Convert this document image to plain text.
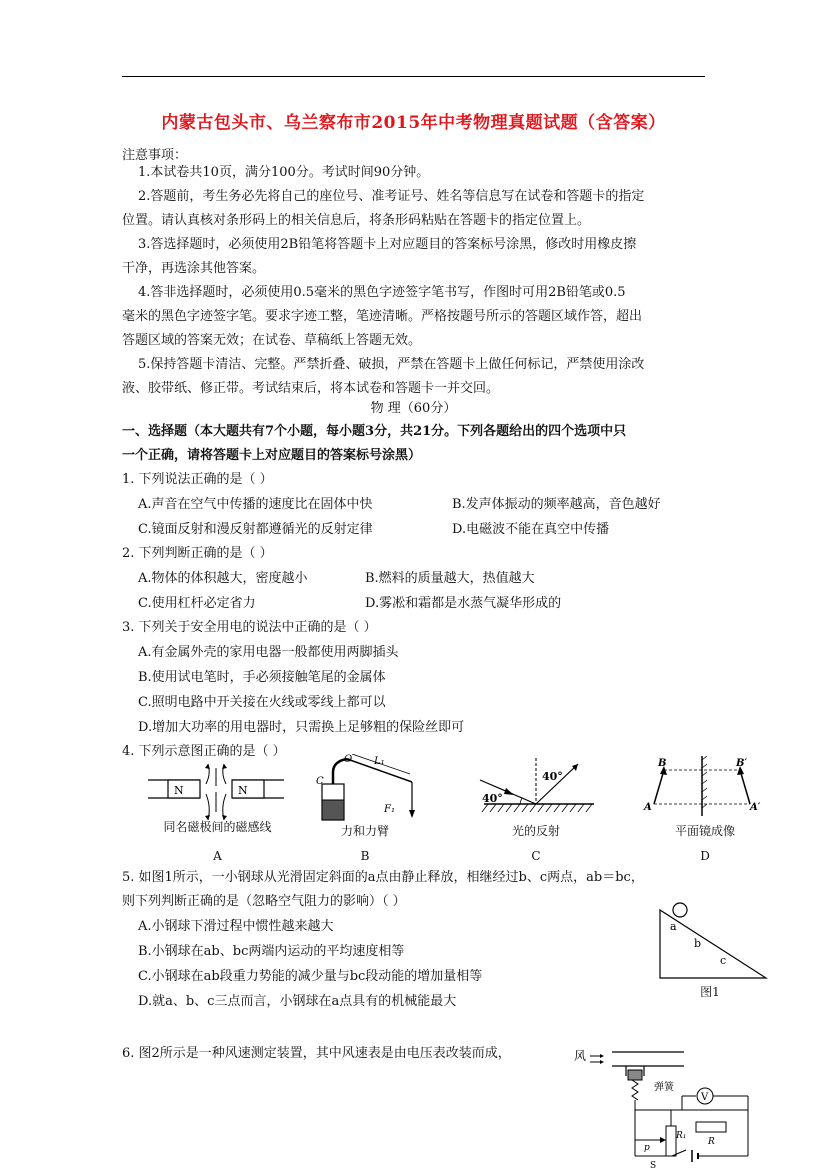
内蒙古包头市、乌兰察布市2015年中考物理真题试题（含答案）
注意事项：
1.本试卷共10页，满分100分。考试时间90分钟。
2.答题前，考生务必先将自己的座位号、准考证号、姓名等信息写在试卷和答题卡的指定
位置。请认真核对条形码上的相关信息后，将条形码粘贴在答题卡的指定位置上。
3.答选择题时，必须使用2B铅笔将答题卡上对应题目的答案标号涂黑，修改时用橡皮擦
干净，再选涂其他答案。
4.答非选择题时，必须使用0.5毫米的黑色字迹签字笔书写，作图时可用2B铅笔或0.5
毫米的黑色字迹签字笔。要求字迹工整，笔迹清晰。严格按题号所示的答题区域作答，超出
答题区域的答案无效；在试卷、草稿纸上答题无效。
5.保持答题卡清洁、完整。严禁折叠、破损，严禁在答题卡上做任何标记，严禁使用涂改
液、胶带纸、修正带。考试结束后，将本试卷和答题卡一并交回。
物 理（60分）
一、选择题（本大题共有7个小题，每小题3分，共21分。下列各题给出的四个选项中只
一个正确，请将答题卡上对应题目的答案标号涂黑）
1. 下列说法正确的是（ ）
A.声音在空气中传播的速度比在固体中快	B.发声体振动的频率越高，音色越好
C.镜面反射和漫反射都遵循光的反射定律	D.电磁波不能在真空中传播
2. 下列判断正确的是（ ）
A.物体的体积越大，密度越小	B.燃料的质量越大，热值越大
C.使用杠杆必定省力	D.雾凇和霜都是水蒸气凝华形成的
3. 下列关于安全用电的说法中正确的是（ ）
A.有金属外壳的家用电器一般都使用两脚插头
B.使用试电笔时，手必须接触笔尾的金属体
C.照明电路中开关接在火线或零线上都可以
D.增加大功率的用电器时，只需换上足够粗的保险丝即可
4. 下列示意图正确的是（ ）
N	N
同名磁极间的磁感线
A
O L₁
F₁
C
力和力臂
B
40°
40°
光的反射
C
B	B′
A	A′
平面镜成像
D
5. 如图1所示，一小钢球从光滑固定斜面的a点由静止释放，相继经过b、c两点，ab＝bc，
则下列判断正确的是（忽略空气阻力的影响）（ ）
A.小钢球下滑过程中惯性越来越大
B.小钢球在ab、bc两端内运动的平均速度相等
C.小钢球在ab段重力势能的减少量与bc段动能的增加量相等
D.就a、b、c三点而言，小钢球在a点具有的机械能最大
a
b
c
图1
6. 图2所示是一种风速测定装置，其中风速表是由电压表改装而成，	风
弹簧
V
R₁
R
p
S
